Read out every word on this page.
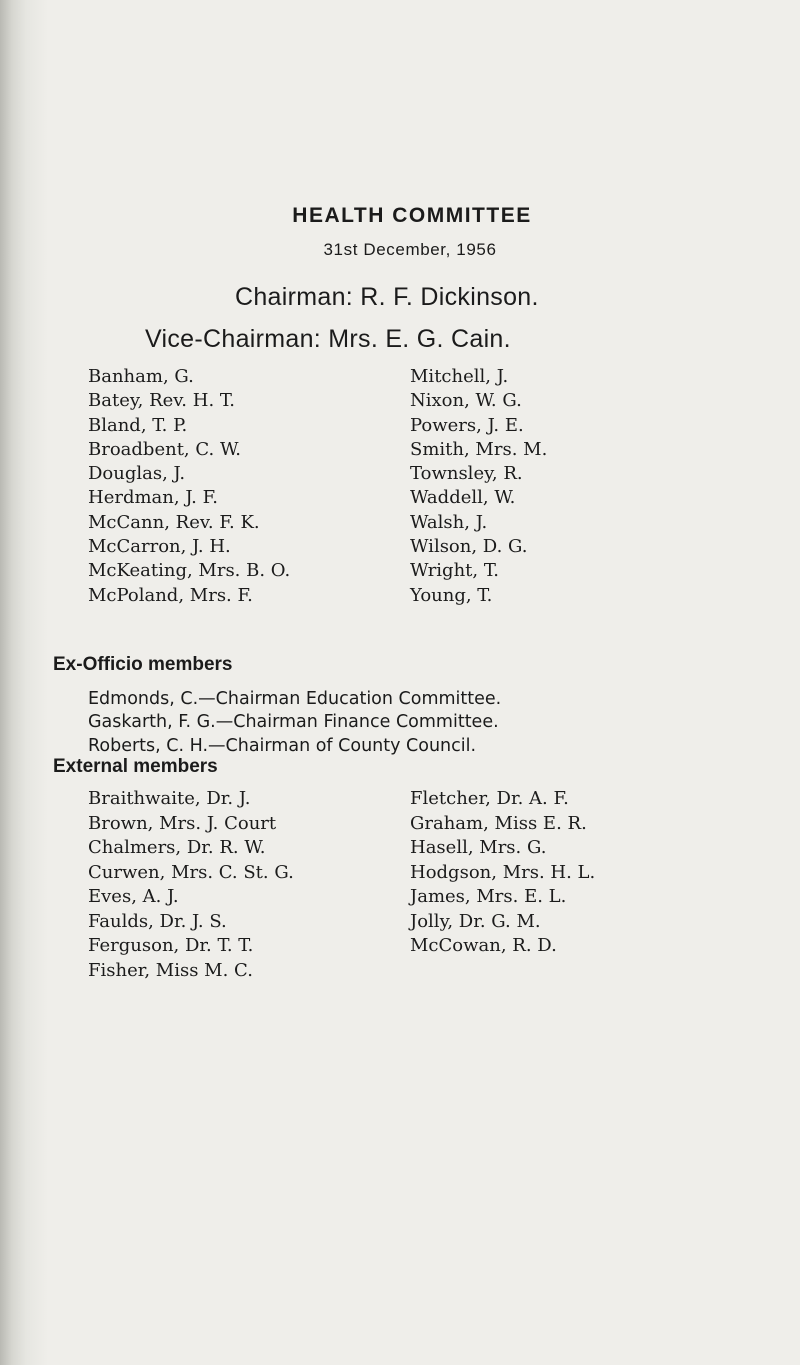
HEALTH COMMITTEE
31st December, 1956
Chairman: R. F. Dickinson.
Vice-Chairman: Mrs. E. G. Cain.
Banham, G.
Batey, Rev. H. T.
Bland, T. P.
Broadbent, C. W.
Douglas, J.
Herdman, J. F.
McCann, Rev. F. K.
McCarron, J. H.
McKeating, Mrs. B. O.
McPoland, Mrs. F.
Mitchell, J.
Nixon, W. G.
Powers, J. E.
Smith, Mrs. M.
Townsley, R.
Waddell, W.
Walsh, J.
Wilson, D. G.
Wright, T.
Young, T.
Ex-Officio members
Edmonds, C.—Chairman Education Committee.
Gaskarth, F. G.—Chairman Finance Committee.
Roberts, C. H.—Chairman of County Council.
External members
Braithwaite, Dr. J.
Brown, Mrs. J. Court
Chalmers, Dr. R. W.
Curwen, Mrs. C. St. G.
Eves, A. J.
Faulds, Dr. J. S.
Ferguson, Dr. T. T.
Fisher, Miss M. C.
Fletcher, Dr. A. F.
Graham, Miss E. R.
Hasell, Mrs. G.
Hodgson, Mrs. H. L.
James, Mrs. E. L.
Jolly, Dr. G. M.
McCowan, R. D.
